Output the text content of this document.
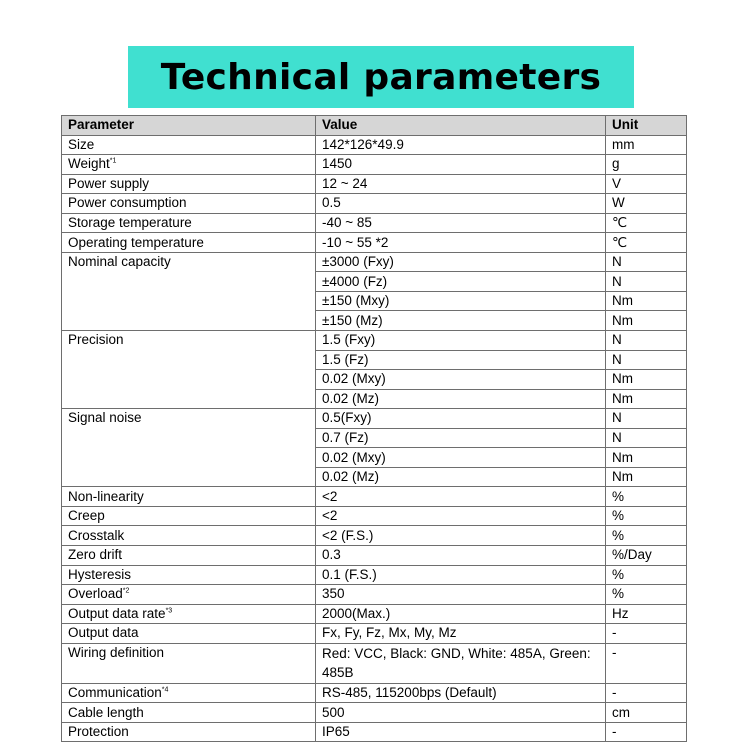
Technical parameters
Parameter	Value	Unit
Size	142*126*49.9	mm
Weight$^{*1}$	1450	g
Power supply	12 ~ 24	V
Power consumption	0.5	W
Storage temperature	-40 ~ 85	℃
Operating temperature	-10 ~ 55 *2	℃
Nominal capacity	±3000 (Fxy)	N
	±4000 (Fz)	N
	±150 (Mxy)	Nm
	±150 (Mz)	Nm
Precision	1.5 (Fxy)	N
	1.5 (Fz)	N
	0.02 (Mxy)	Nm
	0.02 (Mz)	Nm
Signal noise	0.5(Fxy)	N
	0.7 (Fz)	N
	0.02 (Mxy)	Nm
	0.02 (Mz)	Nm
Non-linearity	<2	%
Creep	<2	%
Crosstalk	<2 (F.S.)	%
Zero drift	0.3	%/Day
Hysteresis	0.1 (F.S.)	%
Overload$^{*2}$	350	%
Output data rate$^{*3}$	2000(Max.)	Hz
Output data	Fx, Fy, Fz, Mx, My, Mz	-
Wiring definition	Red: VCC, Black: GND, White: 485A, Green: 485B	-
Communication$^{*4}$	RS-485, 115200bps (Default)	-
Cable length	500	cm
Protection	IP65	-
